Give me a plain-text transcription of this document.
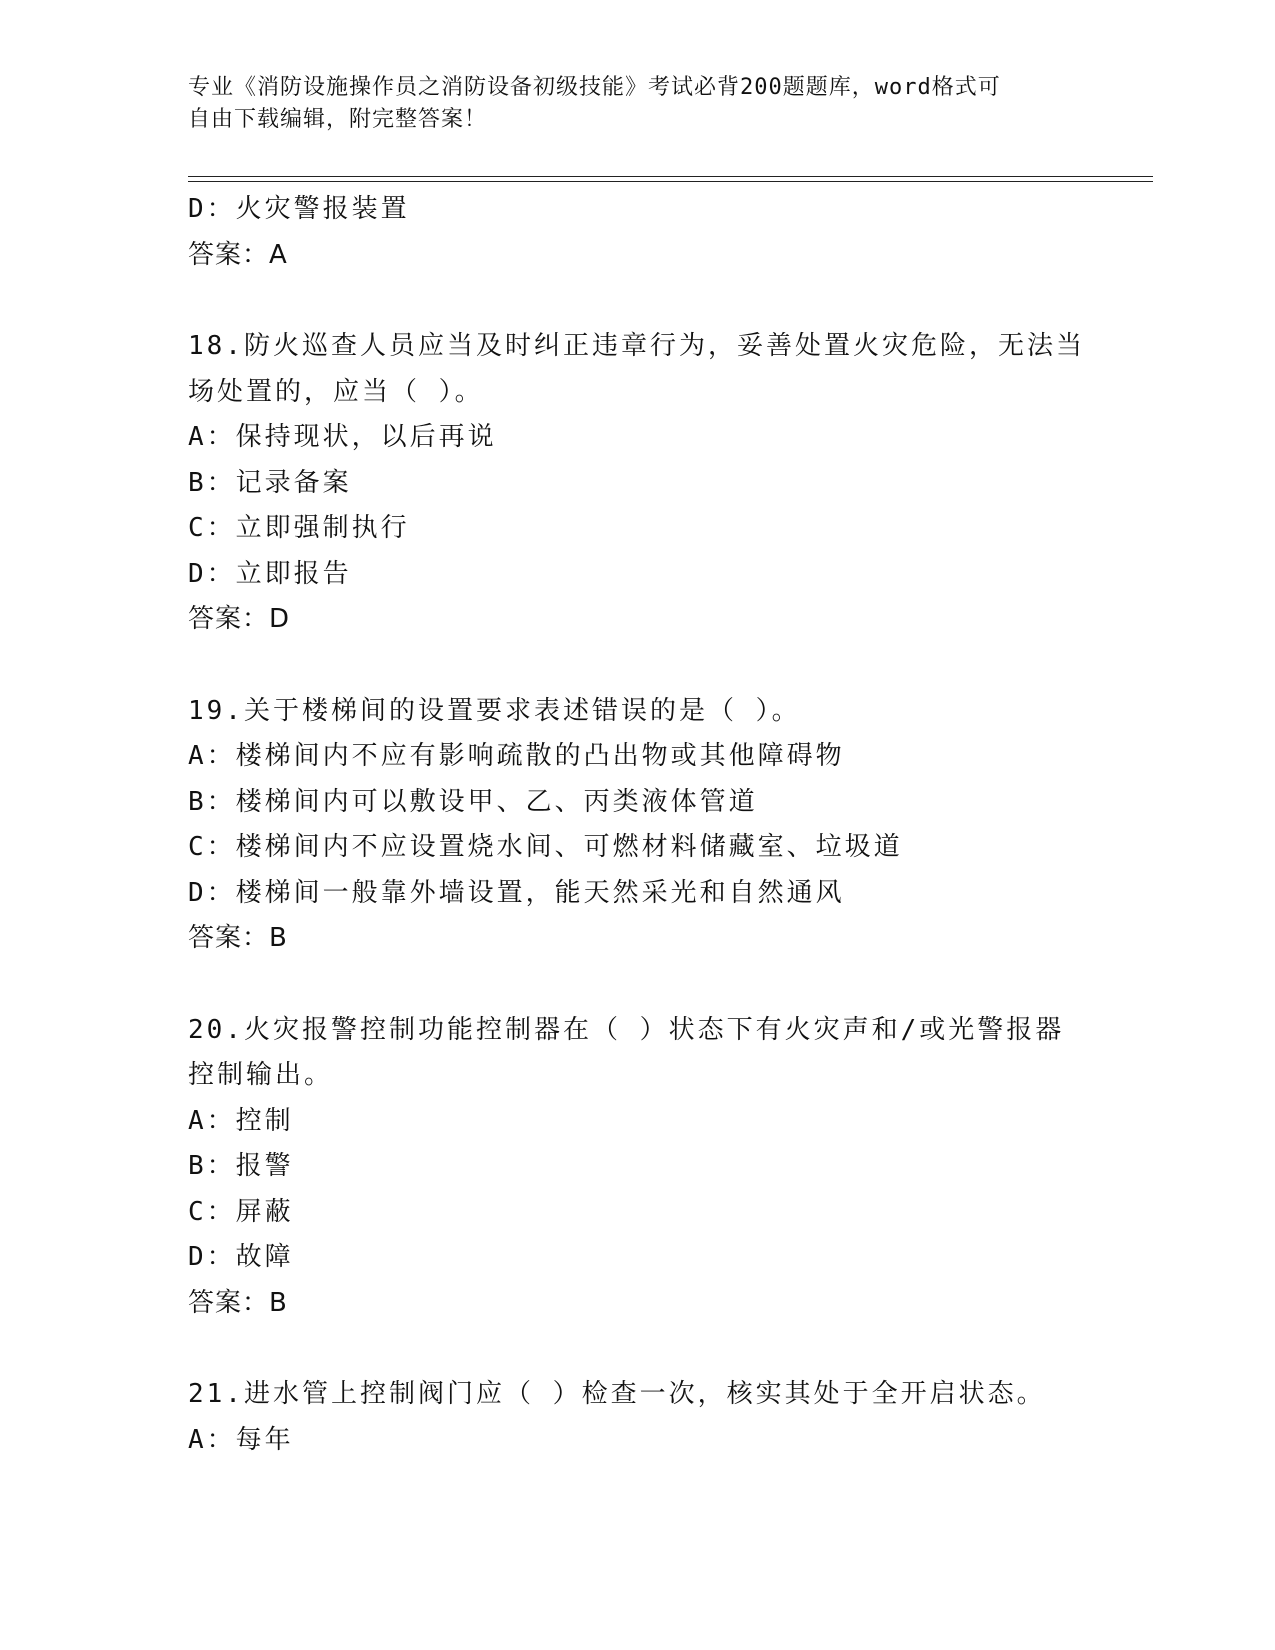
专业《消防设施操作员之消防设备初级技能》考试必背200题题库，word格式可
自由下载编辑，附完整答案！
D：火灾警报装置
答案：A
18.防火巡查人员应当及时纠正违章行为，妥善处置火灾危险，无法当
场处置的，应当（ ）。
A：保持现状，以后再说
B：记录备案
C：立即强制执行
D：立即报告
答案：D
19.关于楼梯间的设置要求表述错误的是（ ）。
A：楼梯间内不应有影响疏散的凸出物或其他障碍物
B：楼梯间内可以敷设甲、乙、丙类液体管道
C：楼梯间内不应设置烧水间、可燃材料储藏室、垃圾道
D：楼梯间一般靠外墙设置，能天然采光和自然通风
答案：B
20.火灾报警控制功能控制器在（ ）状态下有火灾声和/或光警报器
控制输出。
A：控制
B：报警
C：屏蔽
D：故障
答案：B
21.进水管上控制阀门应（ ）检查一次，核实其处于全开启状态。
A：每年
